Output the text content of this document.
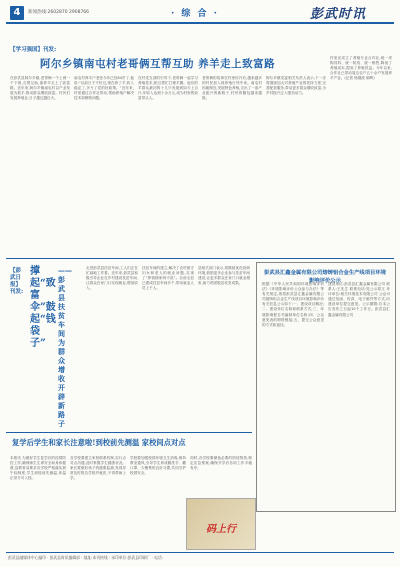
4	新闻热线:2602870 2908766	· 综 合 ·	彭武时讯
【学习强国】刊发:
阿尔乡镇南屯村老哥俩互帮互助 养羊走上致富路
在彭武县阿尔乡镇,老哥俩一个上坡一个下坡,互帮互助,靠养羊走上了致富路。近年来,阿尔乡镇南屯村以产业发展为抓手,推动群众增收致富。村民们发展养殖业,日子越过越红火。
南屯村养羊户老张今年已经64岁了,他说:“以前日子不好过,现在养了羊,收入稳定了,多亏了党的好政策。”近年来,村里通过合作社带动,帮助养殖户解决技术和销路问题。
在村党支部的引导下,老哥俩一起学习养殖技术,相互帮忙打理羊圈。他们的羊群从最初的十几只发展到如今上百只,年收入达到十余万元,成为村里的致富带头人。
老哥俩的故事在村里传开后,越来越多的村民加入到养殖行列中来。南屯村因地制宜,发展特色养殖,走出了一条产业振兴的新路子,村民的腰包越来越鼓。
阿尔乡镇党委相关负责人表示,下一步将继续加大对养殖产业的扶持力度,完善配套服务,带动更多群众增收致富,为乡村振兴注入强劲动力。
村里还成立了养殖专业合作社,统一采购饲料、统一防疫、统一销售,降低了养殖成本,提高了养殖效益。今年以来,合作社已带动周边农户五十余户发展养羊产业。(记者 杨继波 朝晖)
【彭武日报】刊发:
撑起“致富伞”鼓起“钱袋子”
——彭武县扶贫车间为群众增收开辟新路子
走进彭武县扶贫车间,工人们正在忙碌地工作着。近年来,彭武县积极引导企业在乡村建设扶贫车间,让群众在家门口实现就业,增加收入。
扶贫车间的建立,解决了农村留守妇女和老人的就业问题,实现了“挣钱顾家两不误”。目前全县已建成扶贫车间多个,带动就业人员上千人。
县相关部门表示,将继续优化营商环境,鼓励更多企业参与扶贫车间建设,让更多群众在家门口就业增收,助力巩固脱贫攻坚成果。
彭武县汇鑫金属有限公司熔铸铝合金生产线项目环境影响评价公示
根据《中华人民共和国环境影响评价法》《环境影响评价公众参与办法》等有关规定,现将彭武县汇鑫金属有限公司熔铸铝合金生产线项目环境影响评价有关信息公示如下:一、建设项目概况;二、建设单位名称和联系方式;三、环境影响报告书编制单位名称;四、公众意见表的网络链接;五、提交公众意见的方式和途径。
建设单位:彭武县汇鑫金属有限公司 联系人:王先生 联系电话:见公示原文 环评单位:相关环境技术有限公司 公众可通过信函、传真、电子邮件等方式,向建设单位提交意见。公示期限:自本公告发布之日起10个工作日。彭武县汇鑫金属有限公司
复学后学生和家长注意啦!到校前先测温 家校间点对点
本报讯 为做好学生复学后的疫情防控工作,确保师生生命安全和身体健康,县教育局要求各学校严格落实晨午检制度,学生到校前先测温,体温正常方可入校。
各学校要建立家校联系机制,实行点对点沟通,及时掌握学生健康状况。家长要做好孩子的健康监测,发现异常及时报告学校并就医,不得带病上学。
学校要加强校园环境卫生消毒,保持教室通风,引导学生养成勤洗手、戴口罩、少聚集的良好习惯,共同守护校园安全。
同时,各学校要储备必要的防疫物资,制定应急预案,确保开学后各项工作平稳有序。
码上行
彭武县融媒体中心编印 · 彭武县时讯编辑部 · 地址:本刊热线 · 承印单位:彭武县印刷厂 · 电话:
